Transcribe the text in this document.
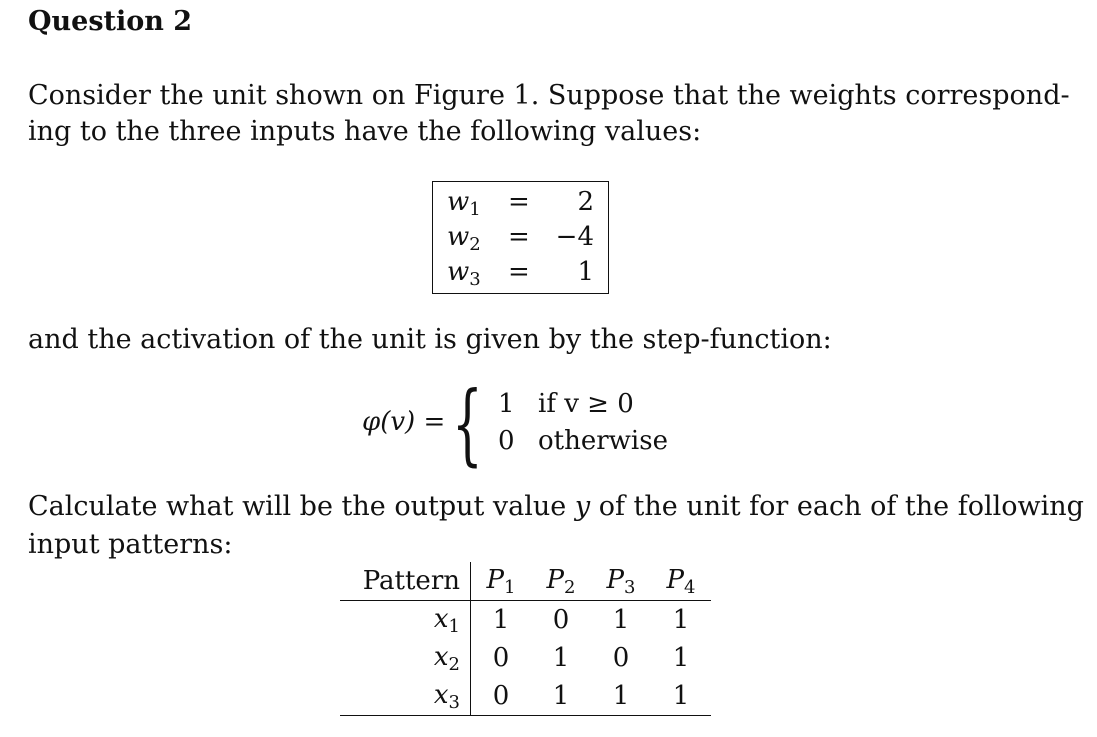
Question 2
Consider the unit shown on Figure 1. Suppose that the weights correspond-
ing to the three inputs have the following values:
$w_1 = 2$
$w_2 = -4$
$w_3 = 1$
and the activation of the unit is given by the step-function:
φ(v) = { 1 if v ≥ 0
0 otherwise
Calculate what will be the output value y of the unit for each of the following
input patterns:
Pattern	$P_1$	$P_2$	$P_3$	$P_4$
$x_1$	1	0	1	1
$x_2$	0	1	0	1
$x_3$	0	1	1	1
